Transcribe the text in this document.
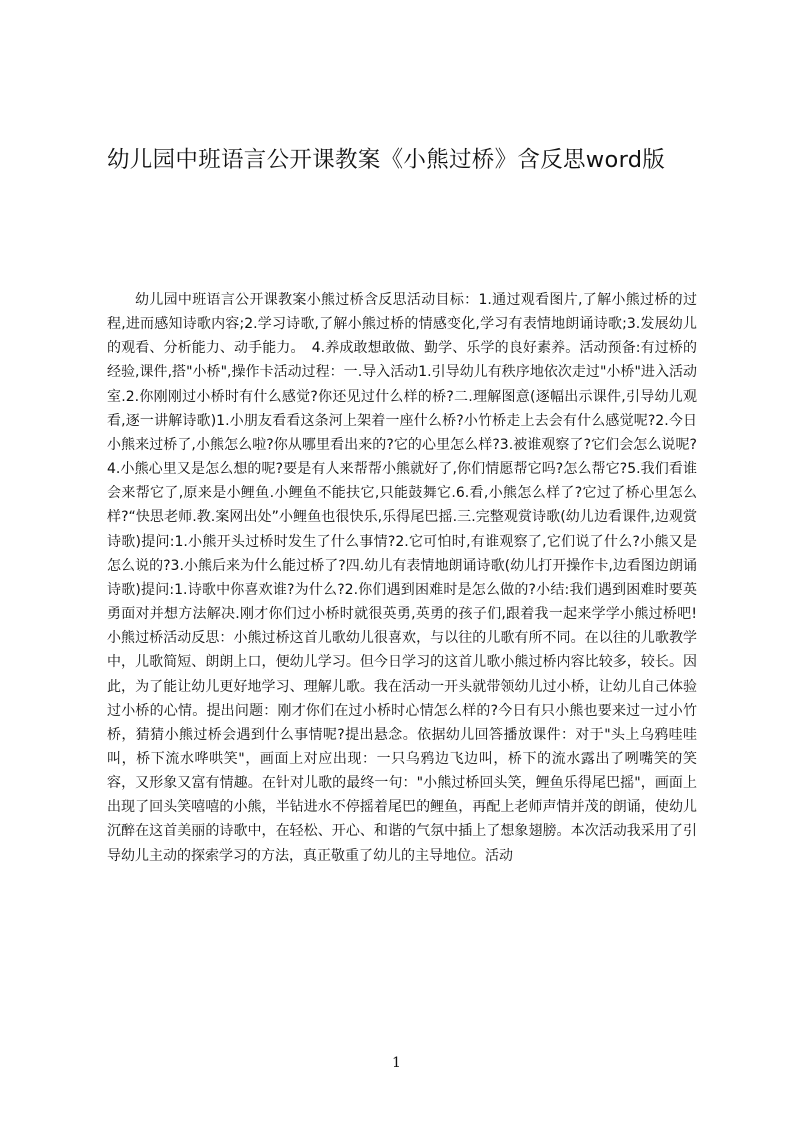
幼儿园中班语言公开课教案《小熊过桥》含反思word版

幼儿园中班语言公开课教案小熊过桥含反思活动目标：1.通过观看图片,了解小熊过桥的过程,进而感知诗歌内容;2.学习诗歌,了解小熊过桥的情感变化,学习有表情地朗诵诗歌;3.发展幼儿的观看、分析能力、动手能力。　4.养成敢想敢做、勤学、乐学的良好素养。活动预备:有过桥的经验,课件,搭"小桥",操作卡活动过程：一.导入活动1.引导幼儿有秩序地依次走过"小桥"进入活动室.2.你刚刚过小桥时有什么感觉?你还见过什么样的桥?二.理解图意(逐幅出示课件,引导幼儿观看,逐一讲解诗歌)1.小朋友看看这条河上架着一座什么桥?小竹桥走上去会有什么感觉呢?2.今日小熊来过桥了,小熊怎么啦?你从哪里看出来的?它的心里怎么样?3.被谁观察了?它们会怎么说呢?4.小熊心里又是怎么想的呢?要是有人来帮帮小熊就好了,你们情愿帮它吗?怎么帮它?5.我们看谁会来帮它了,原来是小鲤鱼.小鲤鱼不能扶它,只能鼓舞它.6.看,小熊怎么样了?它过了桥心里怎么样?“快思老师.教.案网出处”小鲤鱼也很快乐,乐得尾巴摇.三.完整观赏诗歌(幼儿边看课件,边观赏诗歌)提问:1.小熊开头过桥时发生了什么事情?2.它可怕时,有谁观察了,它们说了什么?小熊又是怎么说的?3.小熊后来为什么能过桥了?四.幼儿有表情地朗诵诗歌(幼儿打开操作卡,边看图边朗诵诗歌)提问:1.诗歌中你喜欢谁?为什么?2.你们遇到困难时是怎么做的?小结:我们遇到困难时要英勇面对并想方法解决.刚才你们过小桥时就很英勇,英勇的孩子们,跟着我一起来学学小熊过桥吧!小熊过桥活动反思：小熊过桥这首儿歌幼儿很喜欢，与以往的儿歌有所不同。在以往的儿歌教学中，儿歌简短、朗朗上口，便幼儿学习。但今日学习的这首儿歌小熊过桥内容比较多，较长。因此，为了能让幼儿更好地学习、理解儿歌。我在活动一开头就带领幼儿过小桥，让幼儿自己体验过小桥的心情。提出问题：刚才你们在过小桥时心情怎么样的?今日有只小熊也要来过一过小竹桥，猜猜小熊过桥会遇到什么事情呢?提出悬念。依据幼儿回答播放课件：对于"头上乌鸦哇哇叫，桥下流水哗哄笑"，画面上对应出现：一只乌鸦边飞边叫，桥下的流水露出了咧嘴笑的笑容，又形象又富有情趣。在针对儿歌的最终一句："小熊过桥回头笑，鲤鱼乐得尾巴摇"，画面上出现了回头笑嘻嘻的小熊，半钻进水不停摇着尾巴的鲤鱼，再配上老师声情并茂的朗诵，使幼儿沉醉在这首美丽的诗歌中，在轻松、开心、和谐的气氛中插上了想象翅膀。本次活动我采用了引导幼儿主动的探索学习的方法，真正敬重了幼儿的主导地位。活动

1
